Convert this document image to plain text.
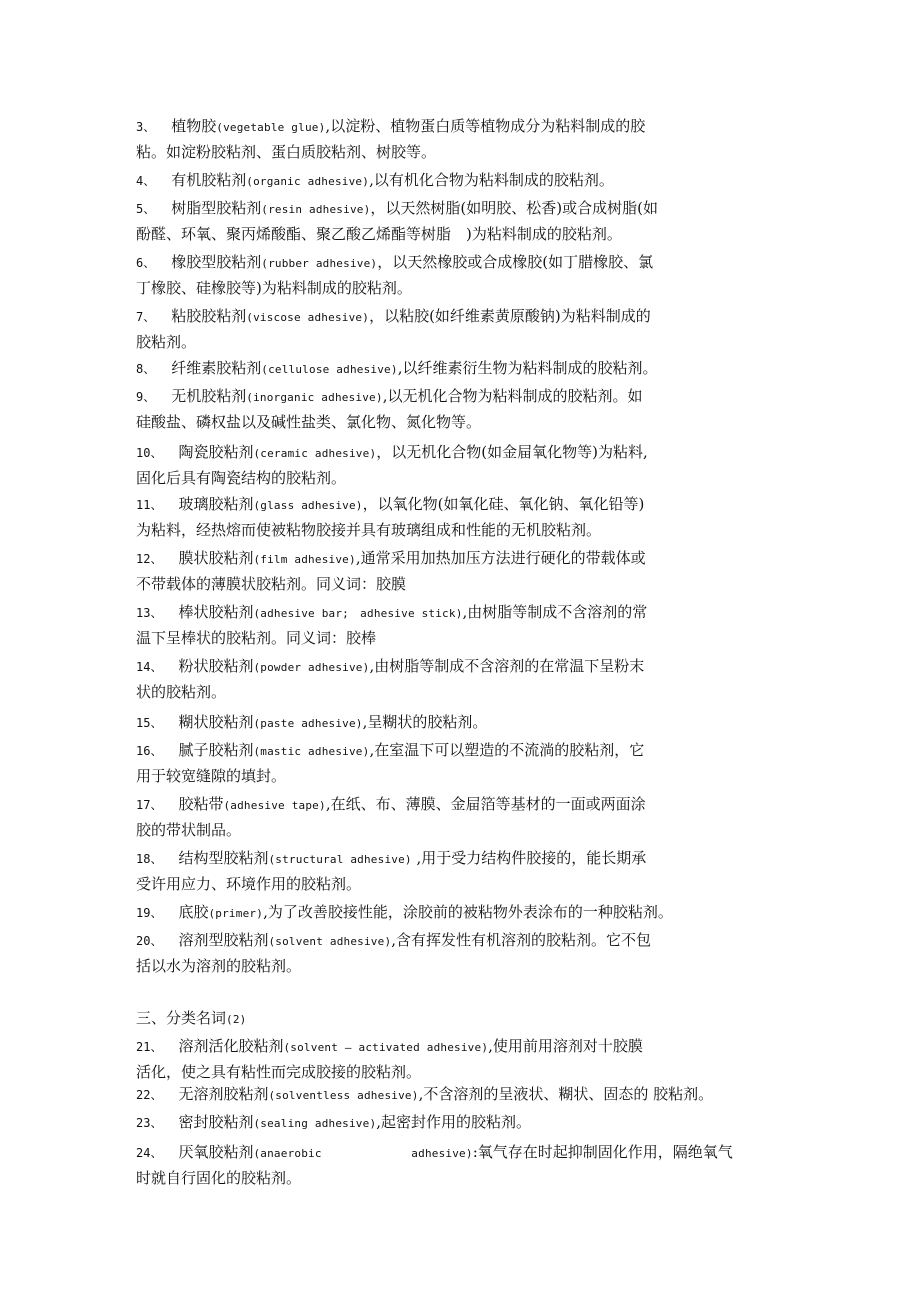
三、分类名词(2)
3、 植物胶(vegetable glue),以淀粉、植物蛋白质等植物成分为粘料制成的胶
粘。如淀粉胶粘剂、蛋白质胶粘剂、树胶等。
4、 有机胶粘剂(organic adhesive),以有机化合物为粘料制成的胶粘剂。
5、 树脂型胶粘剂(resin adhesive)，以天然树脂(如明胶、松香)或合成树脂(如
酚醛、环氧、聚丙烯酸酯、聚乙酸乙烯酯等树脂　)为粘料制成的胶粘剂。
6、 橡胶型胶粘剂(rubber adhesive)，以天然橡胶或合成橡胶(如丁腊橡胶、氯
丁橡胶、硅橡胶等)为粘料制成的胶粘剂。
7、 粘胶胶粘剂(viscose adhesive)，以粘胶(如纤维素黄原酸钠)为粘料制成的
胶粘剂。
8、 纤维素胶粘剂(cellulose adhesive),以纤维素衍生物为粘料制成的胶粘剂。
9、 无机胶粘剂(inorganic adhesive),以无机化合物为粘料制成的胶粘剂。如
硅酸盐、磷权盐以及碱性盐类、氯化物、氮化物等。
10、 陶瓷胶粘剂(ceramic adhesive)，以无机化合物(如金屇氧化物等)为粘料,
固化后具有陶瓷结构的胶粘剂。
11、 玻璃胶粘剂(glass adhesive)，以氧化物(如氧化硅、氧化钠、氧化铅等)
为粘料，经热熔而使被粘物胶接并具有玻璃组成和性能的无机胶粘剂。
12、 膜状胶粘剂(film adhesive),通常采用加热加压方法进行硬化的带载体或
不带载体的薄膜状胶粘剂。同义词：胶膜
13、 棒状胶粘剂(adhesive bar;　adhesive stick),由树脂等制成不含溶剂的常
温下呈棒状的胶粘剂。同义词：胶棒
14、 粉状胶粘剂(powder adhesive),由树脂等制成不含溶剂的在常温下呈粉末
状的胶粘剂。
15、 糊状胶粘剂(paste adhesive),呈糊状的胶粘剂。
16、 腻子胶粘剂(mastic adhesive),在室温下可以塑造的不流淌的胶粘剂，它
用于较宽缝隙的填封。
17、 胶粘带(adhesive tape),在纸、布、薄膜、金屇箔等基材的一面或两面涂
胶的带状制品。
18、 结构型胶粘剂(structural adhesive) ,用于受力结构件胶接的，能长期承
受许用应力、环境作用的胶粘剂。
19、 底胶(primer),为了改善胶接性能，涂胶前的被粘物外表涂布的一种胶粘剂。
20、 溶剂型胶粘剂(solvent adhesive),含有挥发性有机溶剂的胶粘剂。它不包
括以水为溶剂的胶粘剂。
21、 溶剂活化胶粘剂(solvent — activated adhesive),使用前用溶剂对十胶膜
活化，使之具有粘性而完成胶接的胶粘剂。
22、 无溶剂胶粘剂(solventless adhesive),不含溶剂的呈液状、糊状、固态的 胶粘剂。
23、 密封胶粘剂(sealing adhesive),起密封作用的胶粘剂。
24、 厌氧胶粘剂(anaerobic　　　　　　　　adhesive):氧气存在时起抑制固化作用，隔绝氧气
时就自行固化的胶粘剂。
